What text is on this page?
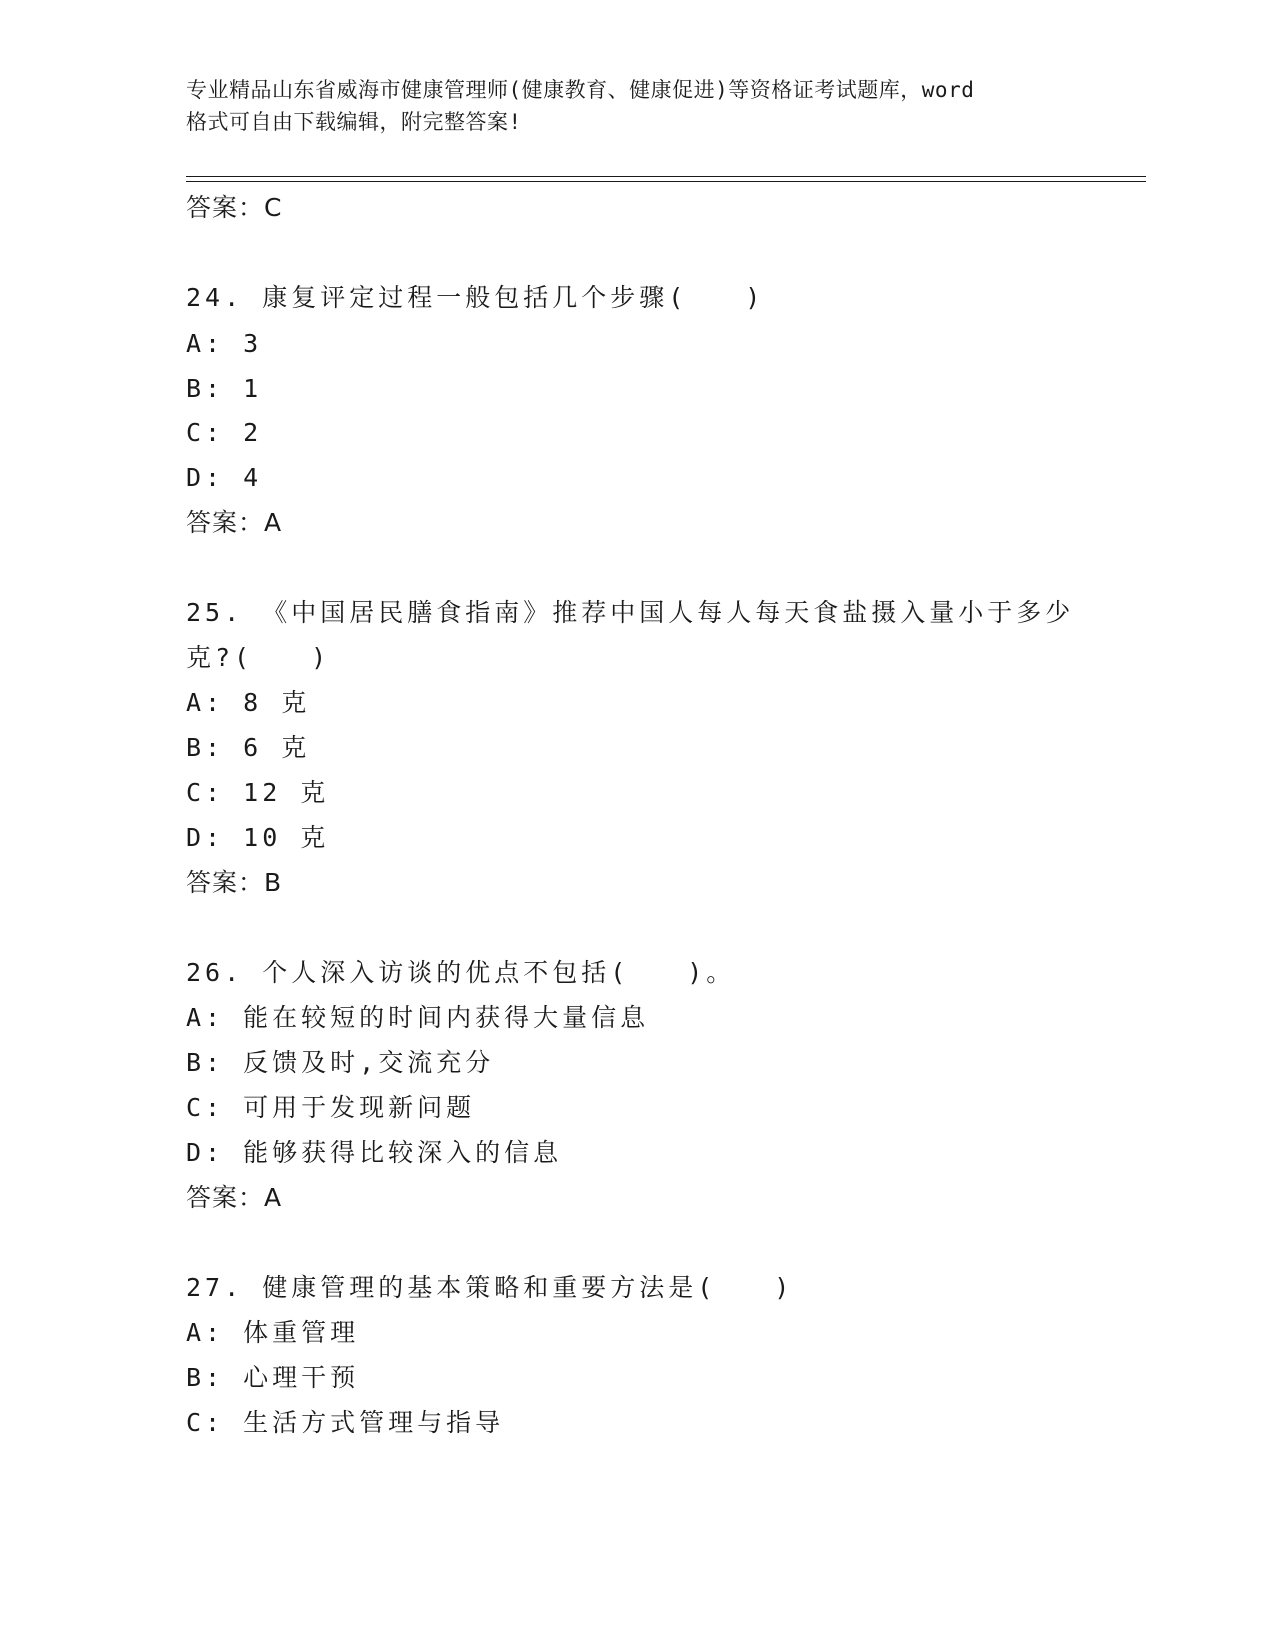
专业精品山东省威海市健康管理师(健康教育、健康促进)等资格证考试题库，word
格式可自由下载编辑，附完整答案!
答案：C
24. 康复评定过程一般包括几个步骤(　　)
A: 3
B: 1
C: 2
D: 4
答案：A
25. 《中国居民膳食指南》推荐中国人每人每天食盐摄入量小于多少
克?(　　)
A: 8 克
B: 6 克
C: 12 克
D: 10 克
答案：B
26. 个人深入访谈的优点不包括(　　)。
A: 能在较短的时间内获得大量信息
B: 反馈及时,交流充分
C: 可用于发现新问题
D: 能够获得比较深入的信息
答案：A
27. 健康管理的基本策略和重要方法是(　　)
A: 体重管理
B: 心理干预
C: 生活方式管理与指导
